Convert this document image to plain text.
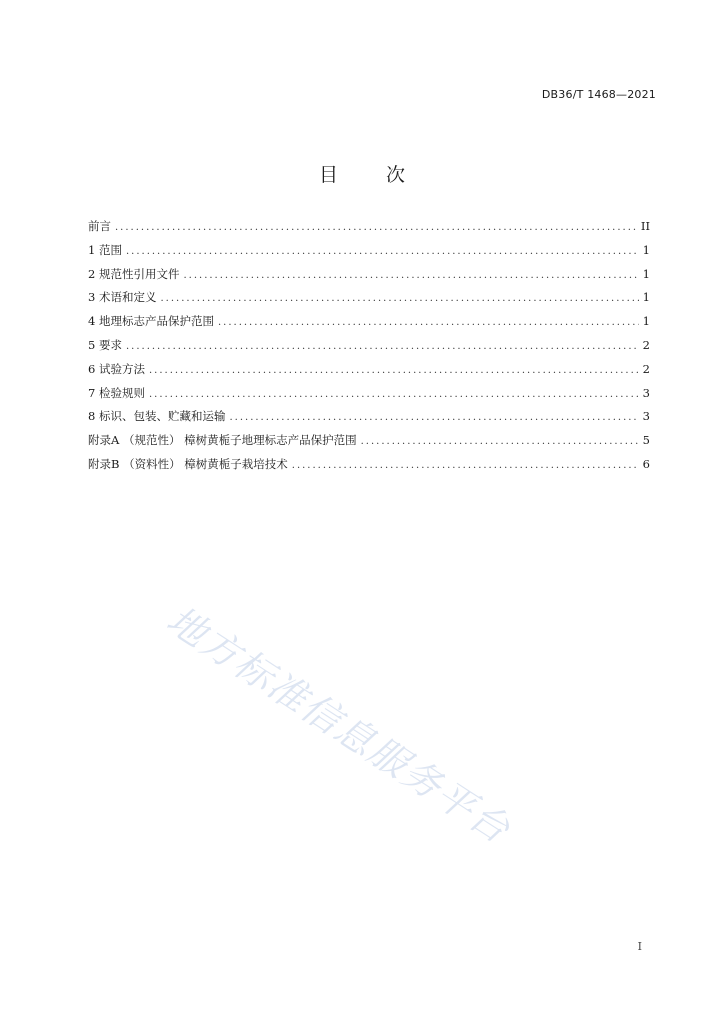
DB36/T 1468—2021
目	次
前言 .....	II
1 范围 .....	1
2 规范性引用文件 .....	1
3 术语和定义 .....	1
4 地理标志产品保护范围 .....	1
5 要求 .....	2
6 试验方法 .....	2
7 检验规则 .....	3
8 标识、包装、贮藏和运输 .....	3
附录A （规范性） 樟树黄栀子地理标志产品保护范围 .....	5
附录B （资料性） 樟树黄栀子栽培技术 .....	6
地方标准信息服务平台
I
